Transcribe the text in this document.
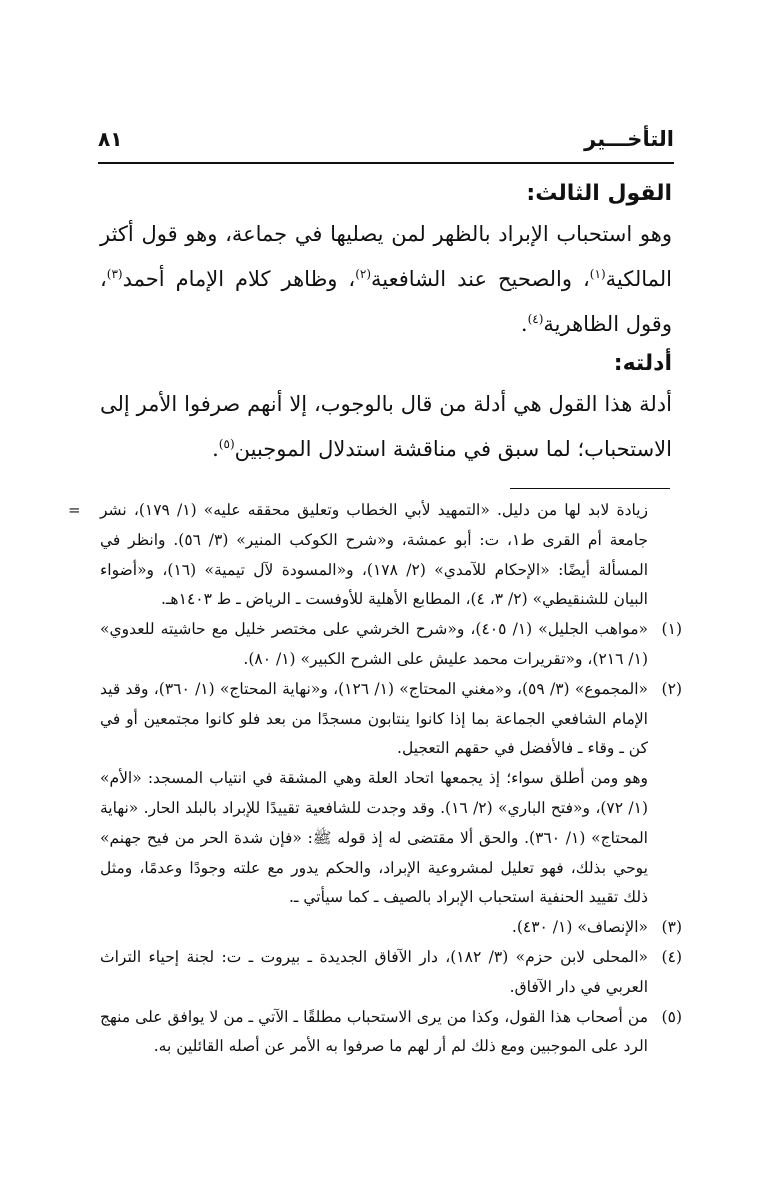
التأخـــير
٨١

القول الثالث:

وهو استحباب الإبراد بالظهر لمن يصليها في جماعة، وهو قول أكثر المالكية$^{(١)}$، والصحيح عند الشافعية$^{(٢)}$، وظاهر كلام الإمام أحمد$^{(٣)}$، وقول الظاهرية$^{(٤)}$.

أدلته:

أدلة هذا القول هي أدلة من قال بالوجوب، إلا أنهم صرفوا الأمر إلى الاستحباب؛ لما سبق في مناقشة استدلال الموجبين$^{(٥)}$.

= زيادة لابد لها من دليل. «التمهيد لأبي الخطاب وتعليق محققه عليه» (١/ ١٧٩)، نشر جامعة أم القرى ط١، ت: أبو عمشة، و«شرح الكوكب المنير» (٣/ ٥٦). وانظر في المسألة أيضًا: «الإحكام للآمدي» (٢/ ١٧٨)، و«المسودة لآل تيمية» (١٦)، و«أضواء البيان للشنقيطي» (٢/ ٣، ٤)، المطابع الأهلية للأوفست ـ الرياض ـ ط ١٤٠٣هـ.

(١)
«مواهب الجليل» (١/ ٤٠٥)، و«شرح الخرشي على مختصر خليل مع حاشيته للعدوي» (١/ ٢١٦)، و«تقريرات محمد عليش على الشرح الكبير» (١/ ٨٠).

(٢)
«المجموع» (٣/ ٥٩)، و«مغني المحتاج» (١/ ١٢٦)، و«نهاية المحتاج» (١/ ٣٦٠)، وقد قيد الإمام الشافعي الجماعة بما إذا كانوا ينتابون مسجدًا من بعد فلو كانوا مجتمعين أو في كن ـ وقاء ـ فالأفضل في حقهم التعجيل.

وهو ومن أطلق سواء؛ إذ يجمعها اتحاد العلة وهي المشقة في انتياب المسجد: «الأم» (١/ ٧٢)، و«فتح الباري» (٢/ ١٦). وقد وجدت للشافعية تقييدًا للإبراد بالبلد الحار. «نهاية المحتاج» (١/ ٣٦٠). والحق ألا مقتضى له إذ قوله ﷺ: «فإن شدة الحر من فيح جهنم» يوحي بذلك، فهو تعليل لمشروعية الإبراد، والحكم يدور مع علته وجودًا وعدمًا، ومثل ذلك تقييد الحنفية استحباب الإبراد بالصيف ـ كما سيأتي ـ.

(٣)
«الإنصاف» (١/ ٤٣٠).

(٤)
«المحلى لابن حزم» (٣/ ١٨٢)، دار الآفاق الجديدة ـ بيروت ـ ت: لجنة إحياء التراث العربي في دار الآفاق.

(٥)
من أصحاب هذا القول، وكذا من يرى الاستحباب مطلقًا ـ الآتي ـ من لا يوافق على منهج الرد على الموجبين ومع ذلك لم أر لهم ما صرفوا به الأمر عن أصله القائلين به.
